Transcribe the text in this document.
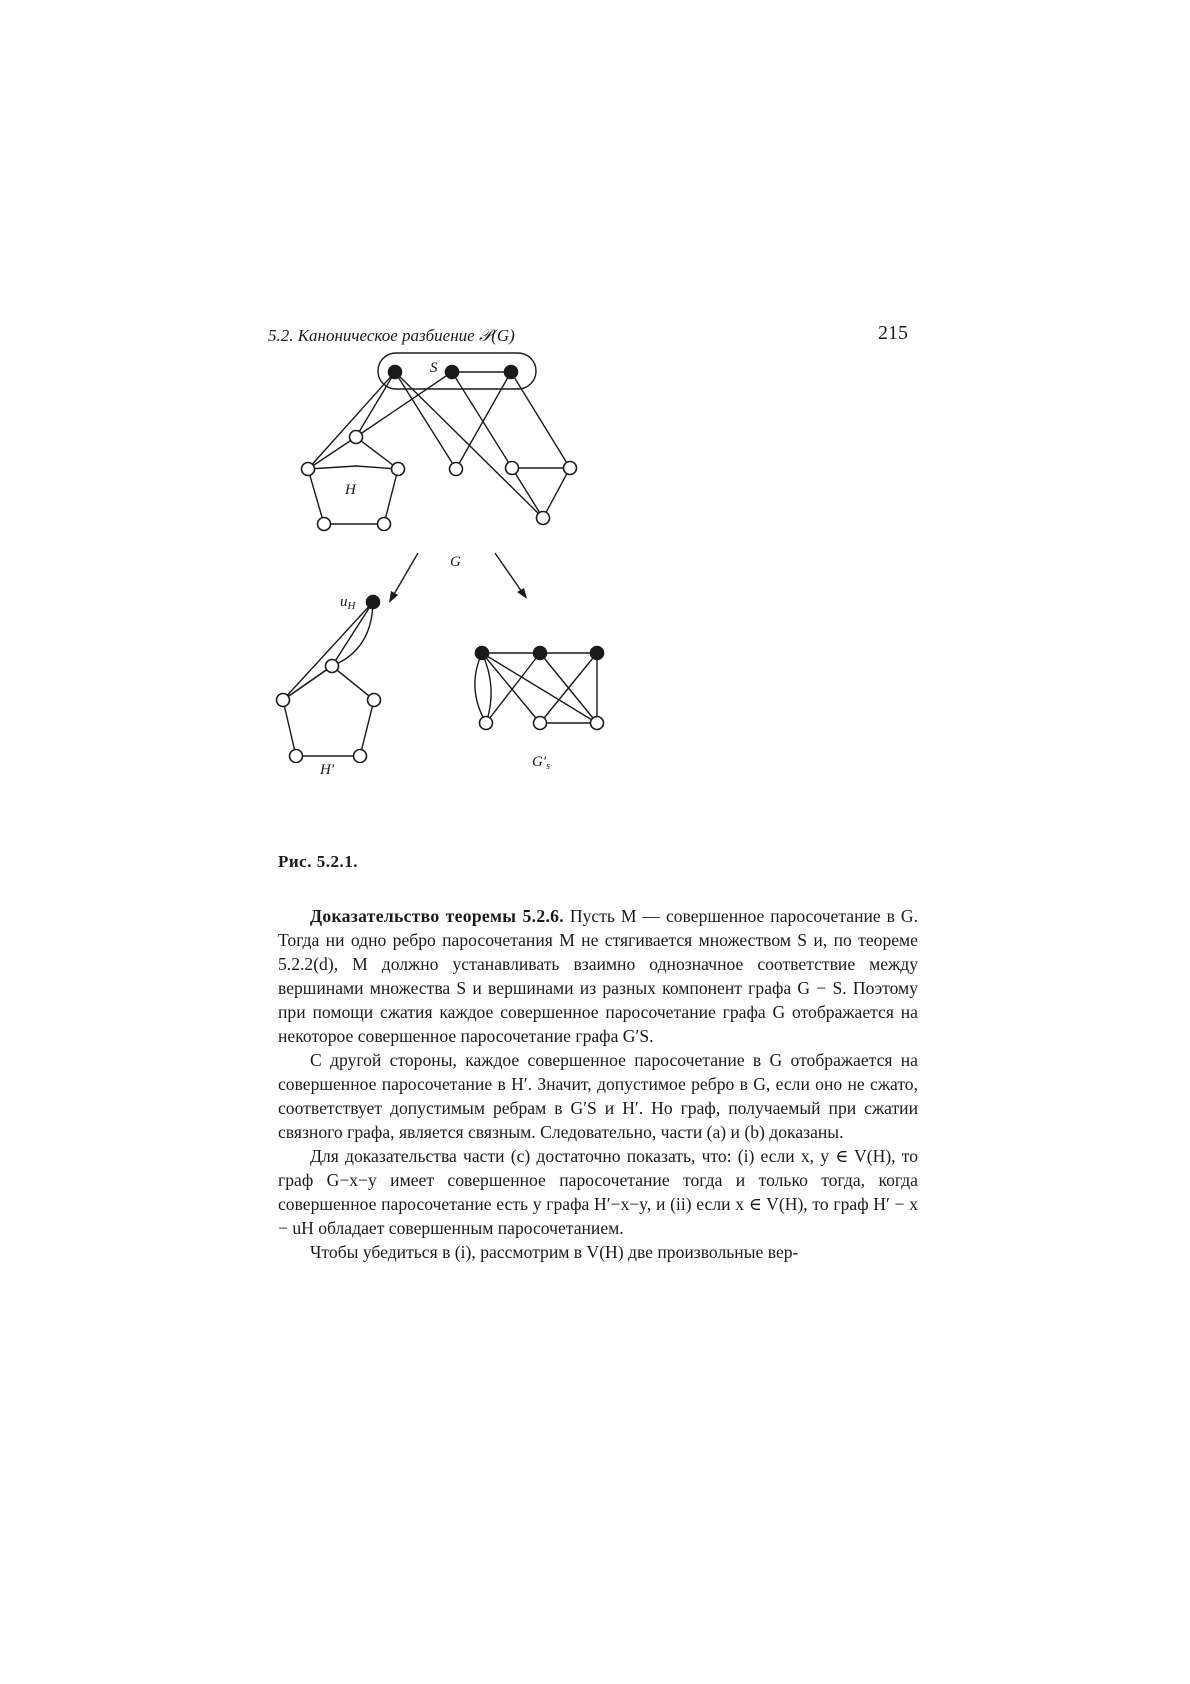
5.2. Каноническое разбиение 𝒫(G)	215
S
H
G
$u_H$
H′	$G'_s$
Рис. 5.2.1.

Доказательство теоремы 5.2.6. Пусть M — совершенное паросочетание в G. Тогда ни одно ребро паросочетания M не стягивается множеством S и, по теореме 5.2.2(d), M должно устанавливать взаимно однозначное соответствие между вершинами множества S и вершинами из разных компонент графа G − S. Поэтому при помощи сжатия каждое совершенное паросочетание графа G отображается на некоторое совершенное паросочетание графа G′S.

С другой стороны, каждое совершенное паросочетание в G отображается на совершенное паросочетание в H′. Значит, допустимое ребро в G, если оно не сжато, соответствует допустимым ребрам в G′S и H′. Но граф, получаемый при сжатии связного графа, является связным. Следовательно, части (a) и (b) доказаны.

Для доказательства части (c) достаточно показать, что: (i) если x, y ∈ V(H), то граф G−x−y имеет совершенное паросочетание тогда и только тогда, когда совершенное паросочетание есть у графа H′−x−y, и (ii) если x ∈ V(H), то граф H′ − x − uH обладает совершенным паросочетанием.

Чтобы убедиться в (i), рассмотрим в V(H) две произвольные вер-
